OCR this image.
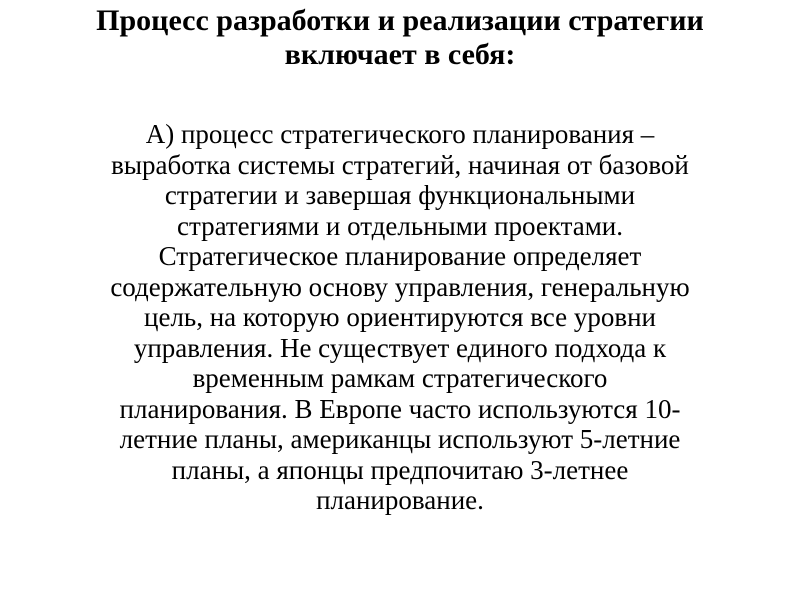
Процесс разработки и реализации стратегии
включает в себя:
А) процесс стратегического планирования –
выработка системы стратегий, начиная от базовой
стратегии и завершая функциональными
стратегиями и отдельными проектами.
Стратегическое планирование определяет
содержательную основу управления, генеральную
цель, на которую ориентируются все уровни
управления. Не существует единого подхода к
временным рамкам стратегического
планирования. В Европе часто используются 10-
летние планы, американцы используют 5-летние
планы, а японцы предпочитаю 3-летнее
планирование.
